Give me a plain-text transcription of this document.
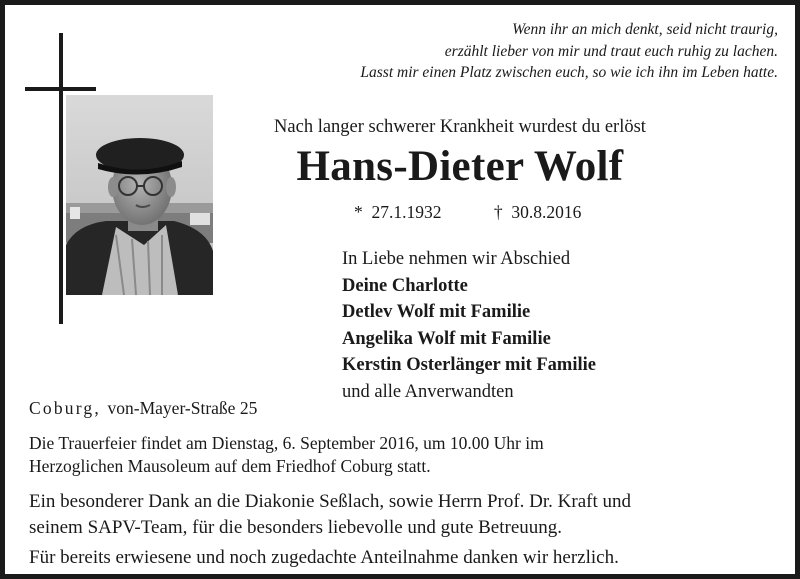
Wenn ihr an mich denkt, seid nicht traurig,
erzählt lieber von mir und traut euch ruhig zu lachen.
Lasst mir einen Platz zwischen euch, so wie ich ihn im Leben hatte.
Nach langer schwerer Krankheit wurdest du erlöst
Hans-Dieter Wolf
* 27.1.1932	† 30.8.2016
In Liebe nehmen wir Abschied
Deine Charlotte
Detlev Wolf mit Familie
Angelika Wolf mit Familie
Kerstin Osterlänger mit Familie
und alle Anverwandten
Coburg,  von-Mayer-Straße 25
Die Trauerfeier findet am Dienstag, 6. September 2016, um 10.00 Uhr im
Herzoglichen Mausoleum auf dem Friedhof Coburg statt.
Ein besonderer Dank an die Diakonie Seßlach, sowie Herrn Prof. Dr. Kraft und
seinem SAPV-Team, für die besonders liebevolle und gute Betreuung.
Für bereits erwiesene und noch zugedachte Anteilnahme danken wir herzlich.
